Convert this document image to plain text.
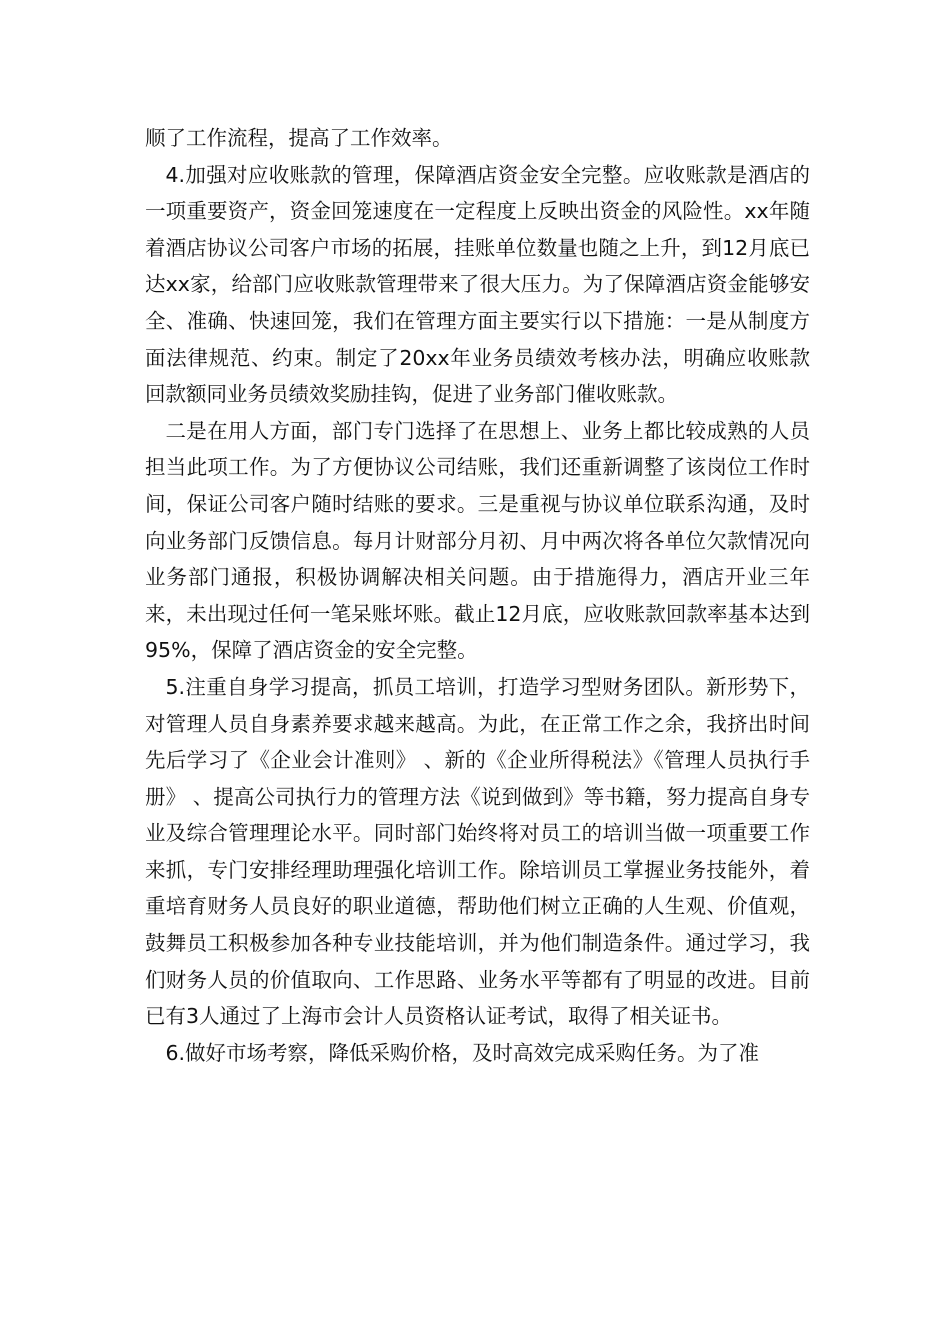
顺了工作流程，提高了工作效率。

4.加强对应收账款的管理，保障酒店资金安全完整。应收账款是酒店的一项重要资产，资金回笼速度在一定程度上反映出资金的风险性。xx年随着酒店协议公司客户市场的拓展，挂账单位数量也随之上升，到12月底已达xx家，给部门应收账款管理带来了很大压力。为了保障酒店资金能够安全、准确、快速回笼，我们在管理方面主要实行以下措施：一是从制度方面法律规范、约束。制定了20xx年业务员绩效考核办法，明确应收账款回款额同业务员绩效奖励挂钩，促进了业务部门催收账款。

二是在用人方面，部门专门选择了在思想上、业务上都比较成熟的人员担当此项工作。为了方便协议公司结账，我们还重新调整了该岗位工作时间，保证公司客户随时结账的要求。三是重视与协议单位联系沟通，及时向业务部门反馈信息。每月计财部分月初、月中两次将各单位欠款情况向业务部门通报，积极协调解决相关问题。由于措施得力，酒店开业三年来，未出现过任何一笔呆账坏账。截止12月底，应收账款回款率基本达到95%，保障了酒店资金的安全完整。

5.注重自身学习提高，抓员工培训，打造学习型财务团队。新形势下，对管理人员自身素养要求越来越高。为此，在正常工作之余，我挤出时间先后学习了《企业会计准则》 、新的《企业所得税法》《管理人员执行手册》 、提高公司执行力的管理方法《说到做到》等书籍，努力提高自身专业及综合管理理论水平。同时部门始终将对员工的培训当做一项重要工作来抓，专门安排经理助理强化培训工作。除培训员工掌握业务技能外，着重培育财务人员良好的职业道德，帮助他们树立正确的人生观、价值观，鼓舞员工积极参加各种专业技能培训，并为他们制造条件。通过学习，我们财务人员的价值取向、工作思路、业务水平等都有了明显的改进。目前已有3人通过了上海市会计人员资格认证考试，取得了相关证书。

6.做好市场考察，降低采购价格，及时高效完成采购任务。为了准
